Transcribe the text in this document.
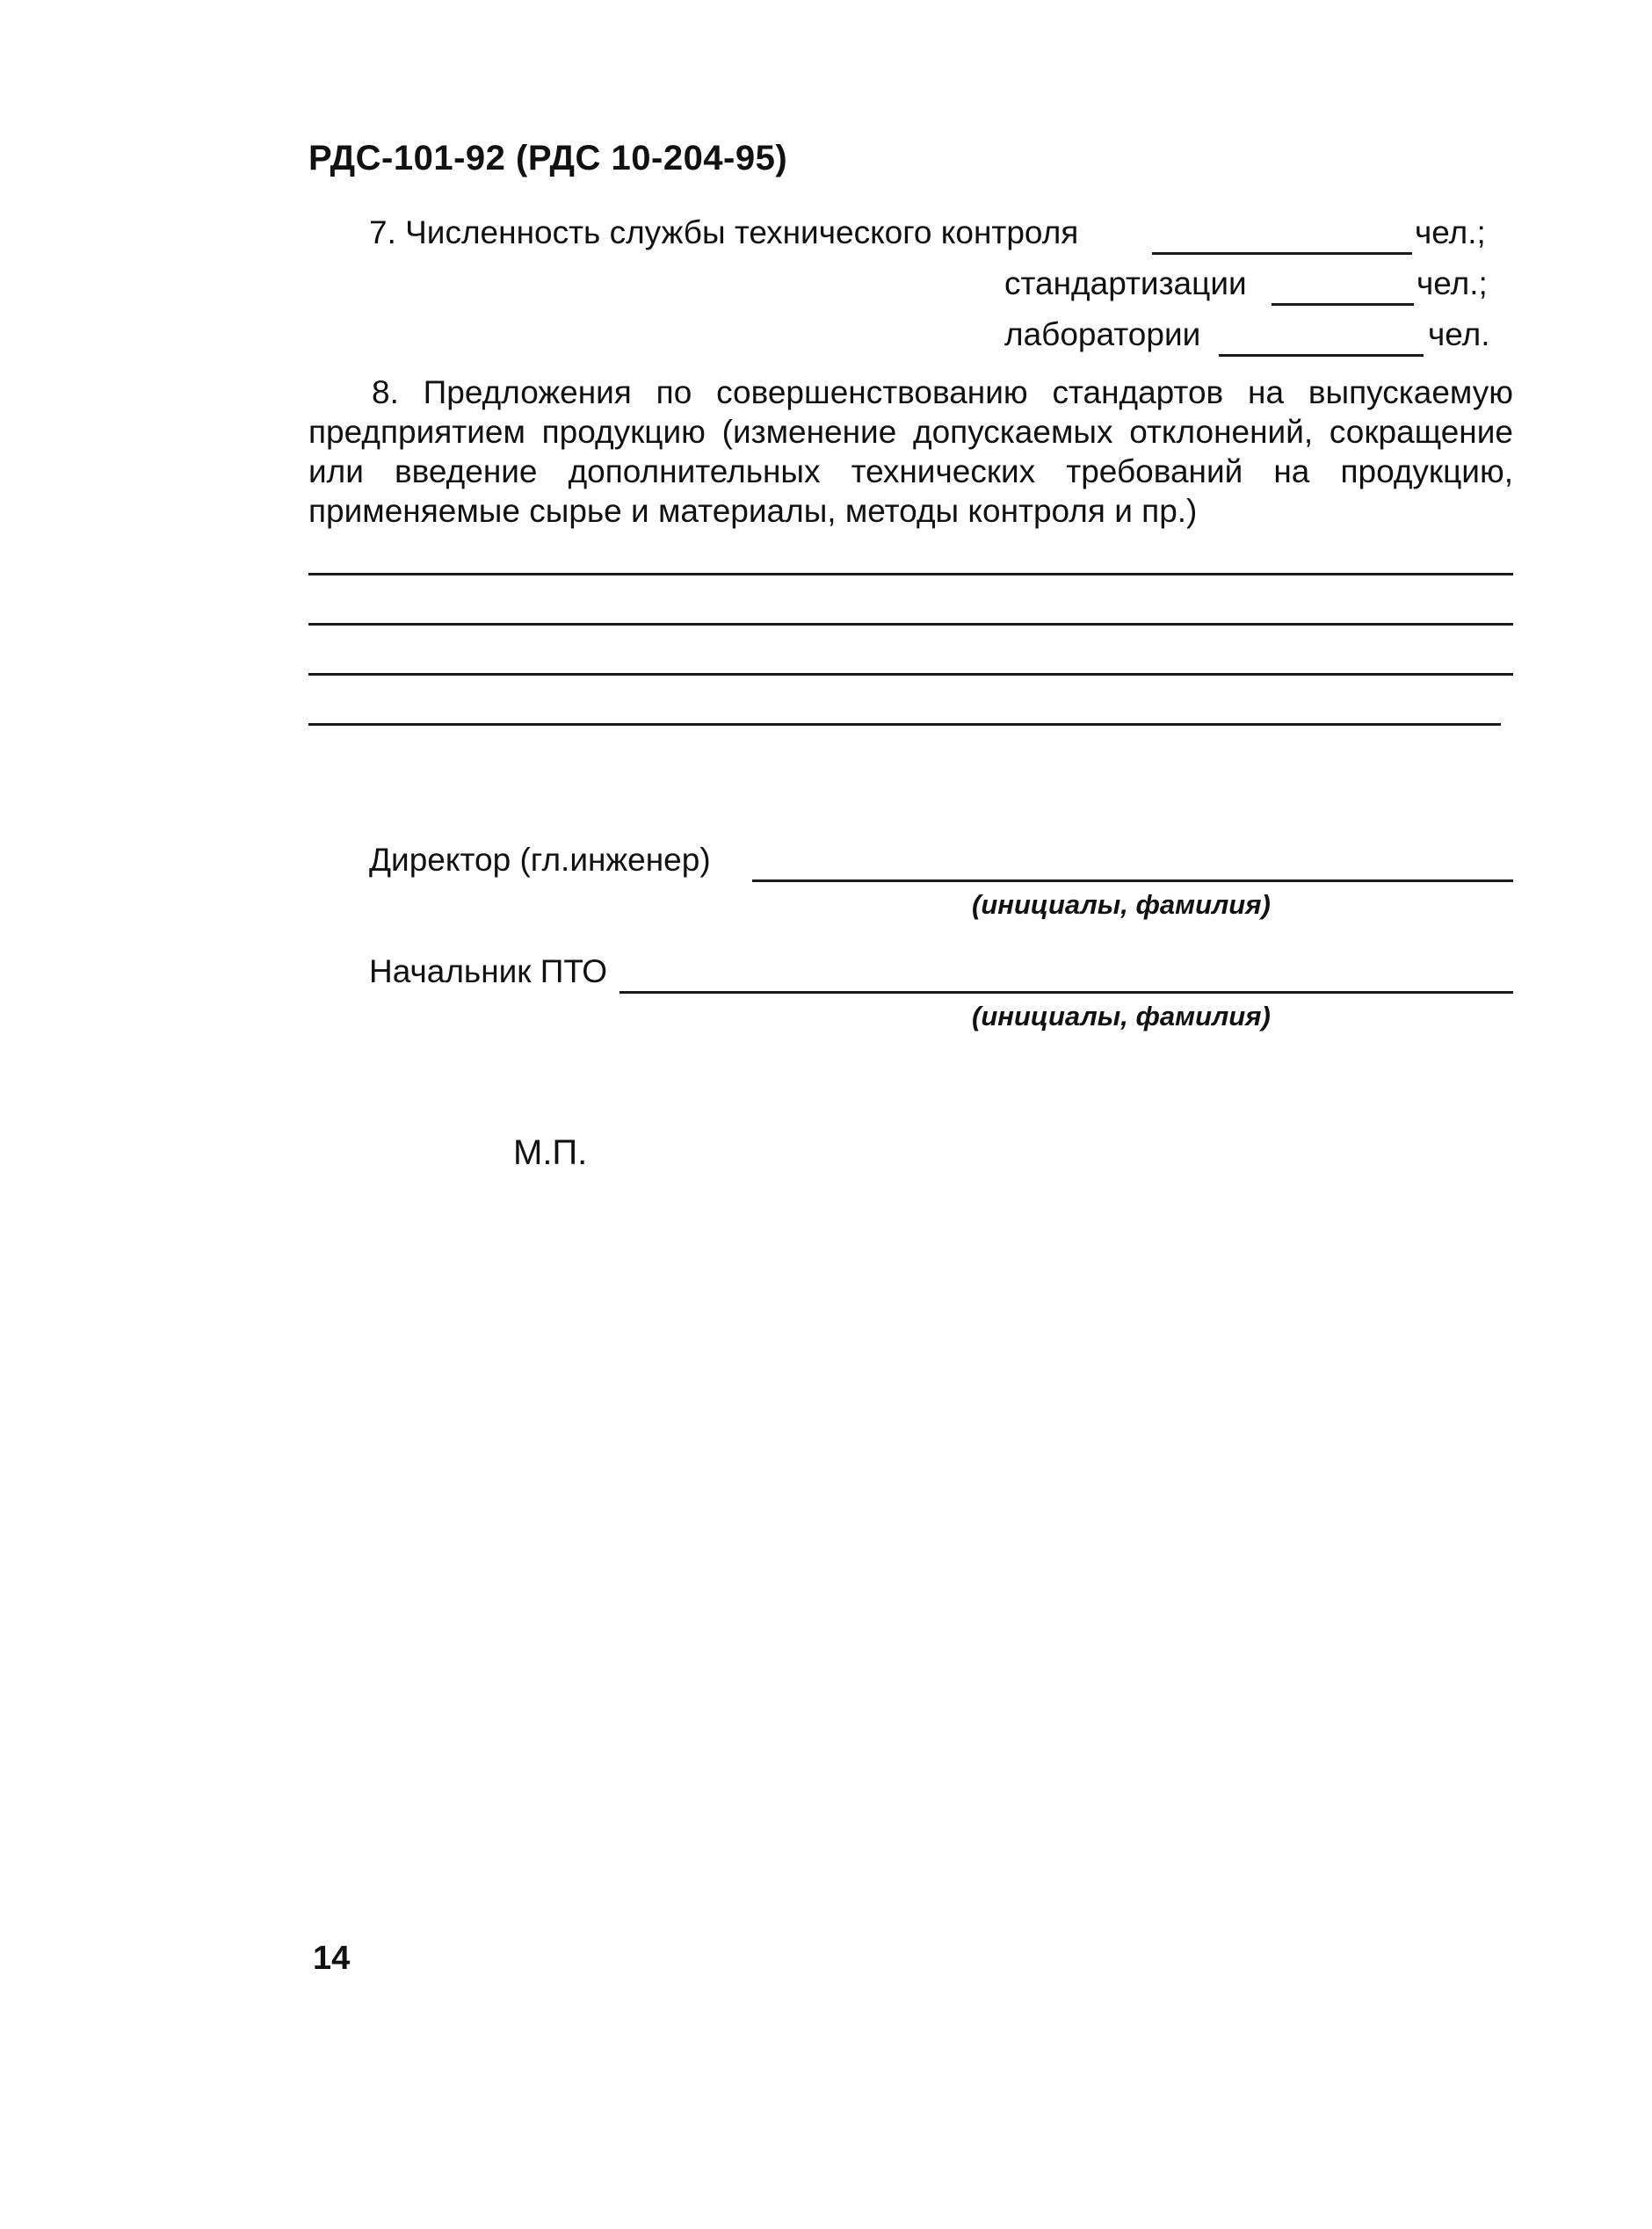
РДС-101-92 (РДС 10-204-95)
7. Численность службы технического контроля	чел.;
стандартизации	чел.;
лаборатории	чел.
8. Предложения по совершенствованию стандартов на выпускаемую предприятием продукцию (изменение допускаемых отклонений, сокращение или введение дополнительных технических требований на продукцию, применяемые сырье и материалы, методы контроля и пр.)
Директор (гл.инженер)
(инициалы, фамилия)
Начальник ПТО
(инициалы, фамилия)
М.П.
14
